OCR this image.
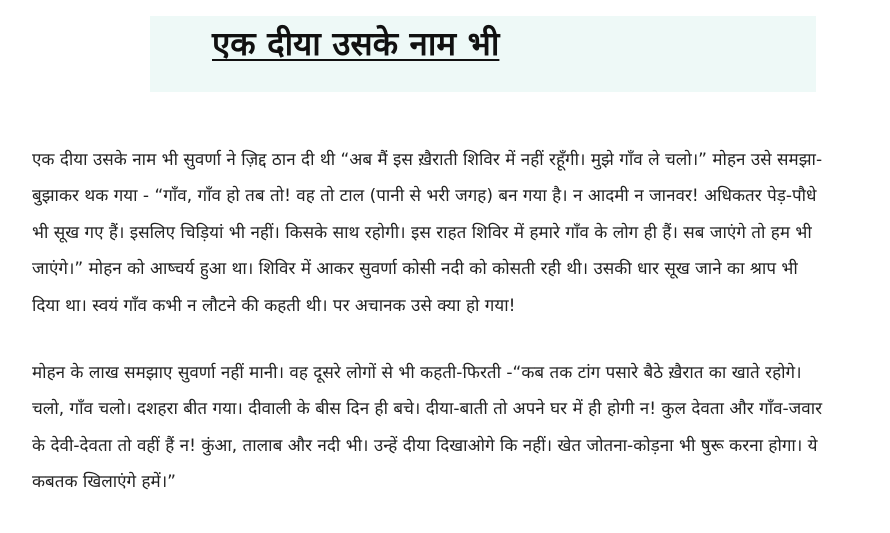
एक दीया उसके नाम भी

एक दीया उसके नाम भी सुवर्णा ने ज़िद्द ठान दी थी “अब मैं इस ख़ैराती शिविर में नहीं रहूँगी। मुझे गाँव ले चलो।” मोहन उसे समझा-बुझाकर थक गया - “गाँव, गाँव हो तब तो! वह तो टाल (पानी से भरी जगह) बन गया है। न आदमी न जानवर! अधिकतर पेड़-पौधे भी सूख गए हैं। इसलिए चिड़ियां भी नहीं। किसके साथ रहोगी। इस राहत शिविर में हमारे गाँव के लोग ही हैं। सब जाएंगे तो हम भी जाएंगे।” मोहन को आष्चर्य हुआ था। शिविर में आकर सुवर्णा कोसी नदी को कोसती रही थी। उसकी धार सूख जाने का श्राप भी दिया था। स्वयं गाँव कभी न लौटने की कहती थी। पर अचानक उसे क्या हो गया!

मोहन के लाख समझाए सुवर्णा नहीं मानी। वह दूसरे लोगों से भी कहती-फिरती -“कब तक टांग पसारे बैठे ख़ैरात का खाते रहोगे। चलो, गाँव चलो। दशहरा बीत गया। दीवाली के बीस दिन ही बचे। दीया-बाती तो अपने घर में ही होगी न! कुल देवता और गाँव-जवार के देवी-देवता तो वहीं हैं न! कुंआ, तालाब और नदी भी। उन्हें दीया दिखाओगे कि नहीं। खेत जोतना-कोड़ना भी षुरू करना होगा। ये कबतक खिलाएंगे हमें।”
